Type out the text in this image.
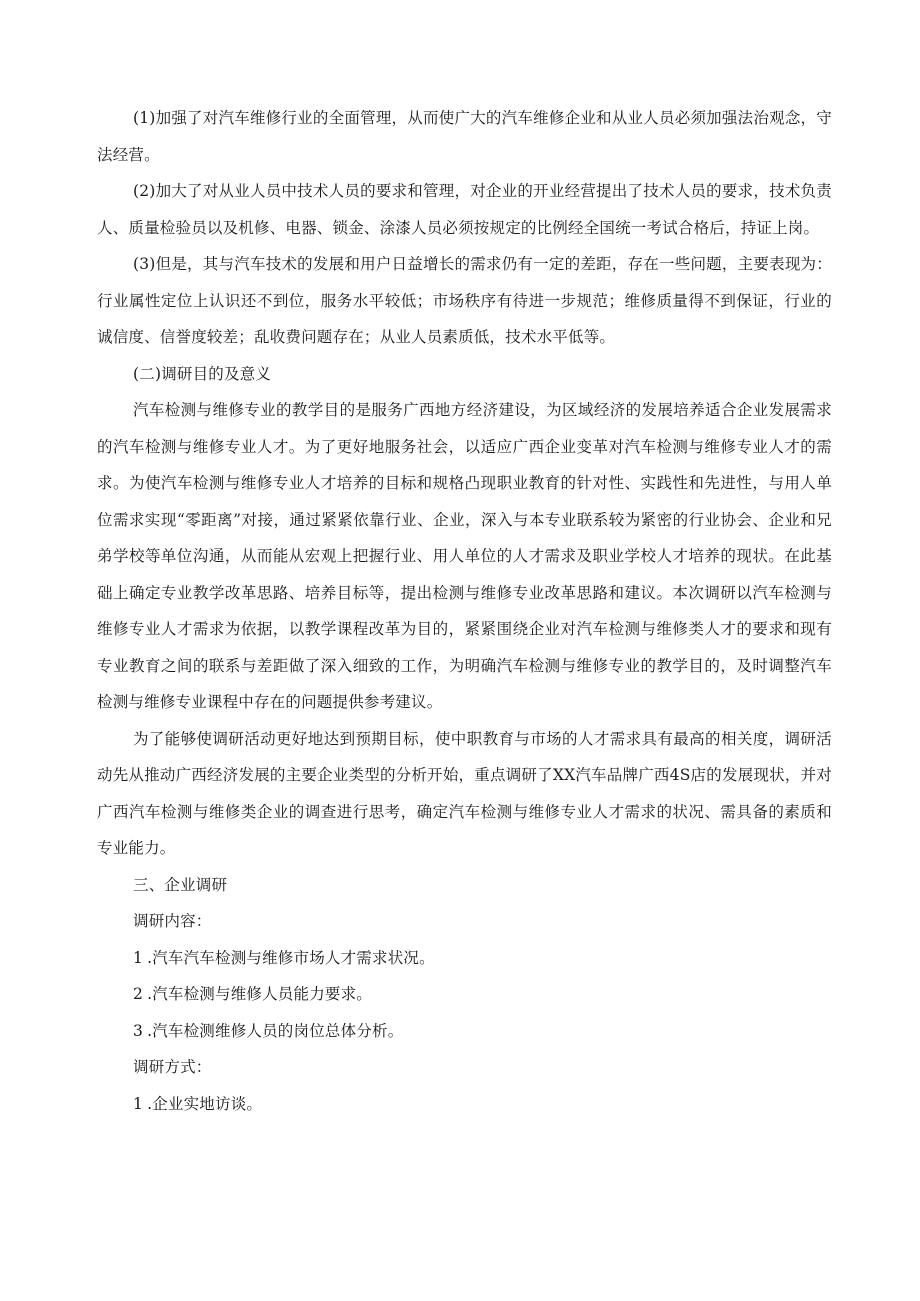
(1)加强了对汽车维修行业的全面管理，从而使广大的汽车维修企业和从业人员必须加强法治观念，守法经营。

(2)加大了对从业人员中技术人员的要求和管理，对企业的开业经营提出了技术人员的要求，技术负责人、质量检验员以及机修、电器、锁金、涂漆人员必须按规定的比例经全国统一考试合格后，持证上岗。

(3)但是，其与汽车技术的发展和用户日益增长的需求仍有一定的差距，存在一些问题，主要表现为：行业属性定位上认识还不到位，服务水平较低；市场秩序有待进一步规范；维修质量得不到保证，行业的诚信度、信誉度较差；乱收费问题存在；从业人员素质低，技术水平低等。

(二)调研目的及意义

汽车检测与维修专业的教学目的是服务广西地方经济建设，为区域经济的发展培养适合企业发展需求的汽车检测与维修专业人才。为了更好地服务社会，以适应广西企业变革对汽车检测与维修专业人才的需求。为使汽车检测与维修专业人才培养的目标和规格凸现职业教育的针对性、实践性和先进性，与用人单位需求实现“零距离”对接，通过紧紧依靠行业、企业，深入与本专业联系较为紧密的行业协会、企业和兄弟学校等单位沟通，从而能从宏观上把握行业、用人单位的人才需求及职业学校人才培养的现状。在此基础上确定专业教学改革思路、培养目标等，提出检测与维修专业改革思路和建议。本次调研以汽车检测与维修专业人才需求为依据，以教学课程改革为目的，紧紧围绕企业对汽车检测与维修类人才的要求和现有专业教育之间的联系与差距做了深入细致的工作，为明确汽车检测与维修专业的教学目的，及时调整汽车检测与维修专业课程中存在的问题提供参考建议。

为了能够使调研活动更好地达到预期目标，使中职教育与市场的人才需求具有最高的相关度，调研活动先从推动广西经济发展的主要企业类型的分析开始，重点调研了XX汽车品牌广西4S店的发展现状，并对广西汽车检测与维修类企业的调查进行思考，确定汽车检测与维修专业人才需求的状况、需具备的素质和专业能力。

三、企业调研

调研内容：

1 .汽车汽车检测与维修市场人才需求状况。

2 .汽车检测与维修人员能力要求。

3 .汽车检测维修人员的岗位总体分析。

调研方式：

1 .企业实地访谈。
